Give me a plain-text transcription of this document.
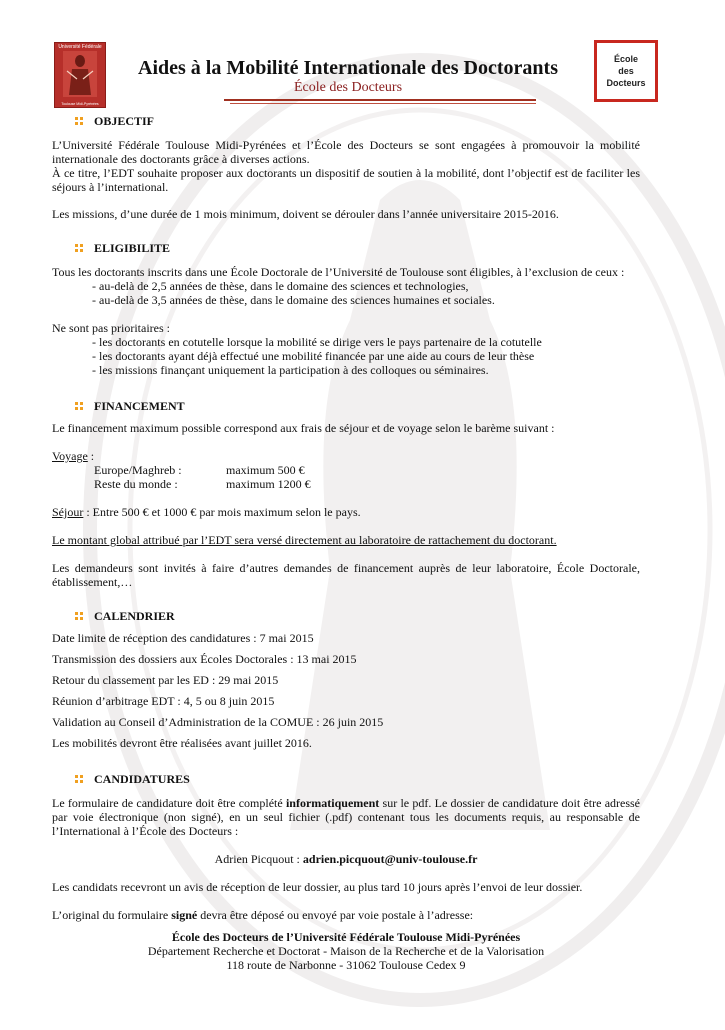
Université Fédérale
Toulouse Midi-Pyrénées
École
des
Docteurs
Aides à la Mobilité Internationale des Doctorants
École des Docteurs
OBJECTIF

L’Université Fédérale Toulouse Midi-Pyrénées et l’École des Docteurs se sont engagées à promouvoir la mobilité internationale des doctorants grâce à diverses actions.

À ce titre, l’EDT souhaite proposer aux doctorants un dispositif de soutien à la mobilité, dont l’objectif est de faciliter les séjours à l’international.

Les missions, d’une durée de 1 mois minimum, doivent se dérouler dans l’année universitaire 2015-2016.

ELIGIBILITE

Tous les doctorants inscrits dans une École Doctorale de l’Université de Toulouse sont éligibles, à l’exclusion de ceux :

- au-delà de 2,5 années de thèse, dans le domaine des sciences et technologies,
- au-delà de 3,5 années de thèse, dans le domaine des sciences humaines et sociales.

Ne sont pas prioritaires :

- les doctorants en cotutelle lorsque la mobilité se dirige vers le pays partenaire de la cotutelle
- les doctorants ayant déjà effectué une mobilité financée par une aide au cours de leur thèse
- les missions finançant uniquement la participation à des colloques ou séminaires.
FINANCEMENT

Le financement maximum possible correspond aux frais de séjour et de voyage selon le barème suivant :

Voyage :

Europe/Maghreb :	maximum 500 €
Reste du monde :	maximum 1200 €

Séjour : Entre 500 € et 1000 € par mois maximum selon le pays.

Le montant global attribué par l’EDT sera versé directement au laboratoire de rattachement du doctorant.

Les demandeurs sont invités à faire d’autres demandes de financement auprès de leur laboratoire, École Doctorale, établissement,…

CALENDRIER

Date limite de réception des candidatures : 7 mai 2015

Transmission des dossiers aux Écoles Doctorales : 13 mai 2015

Retour du classement par les ED : 29 mai 2015

Réunion d’arbitrage EDT : 4, 5 ou 8 juin 2015

Validation au Conseil d’Administration de la COMUE : 26 juin 2015

Les mobilités devront être réalisées avant juillet 2016.

CANDIDATURES

Le formulaire de candidature doit être complété informatiquement sur le pdf. Le dossier de candidature doit être adressé par voie électronique (non signé), en un seul fichier (.pdf) contenant tous les documents requis, au responsable de l’International à l’École des Docteurs :

Adrien Picquout : adrien.picquout@univ-toulouse.fr

Les candidats recevront un avis de réception de leur dossier, au plus tard 10 jours après l’envoi de leur dossier.

L’original du formulaire signé devra être déposé ou envoyé par voie postale à l’adresse:

École des Docteurs de l’Université Fédérale Toulouse Midi-Pyrénées
Département Recherche et Doctorat - Maison de la Recherche et de la Valorisation
118 route de Narbonne - 31062 Toulouse Cedex 9
